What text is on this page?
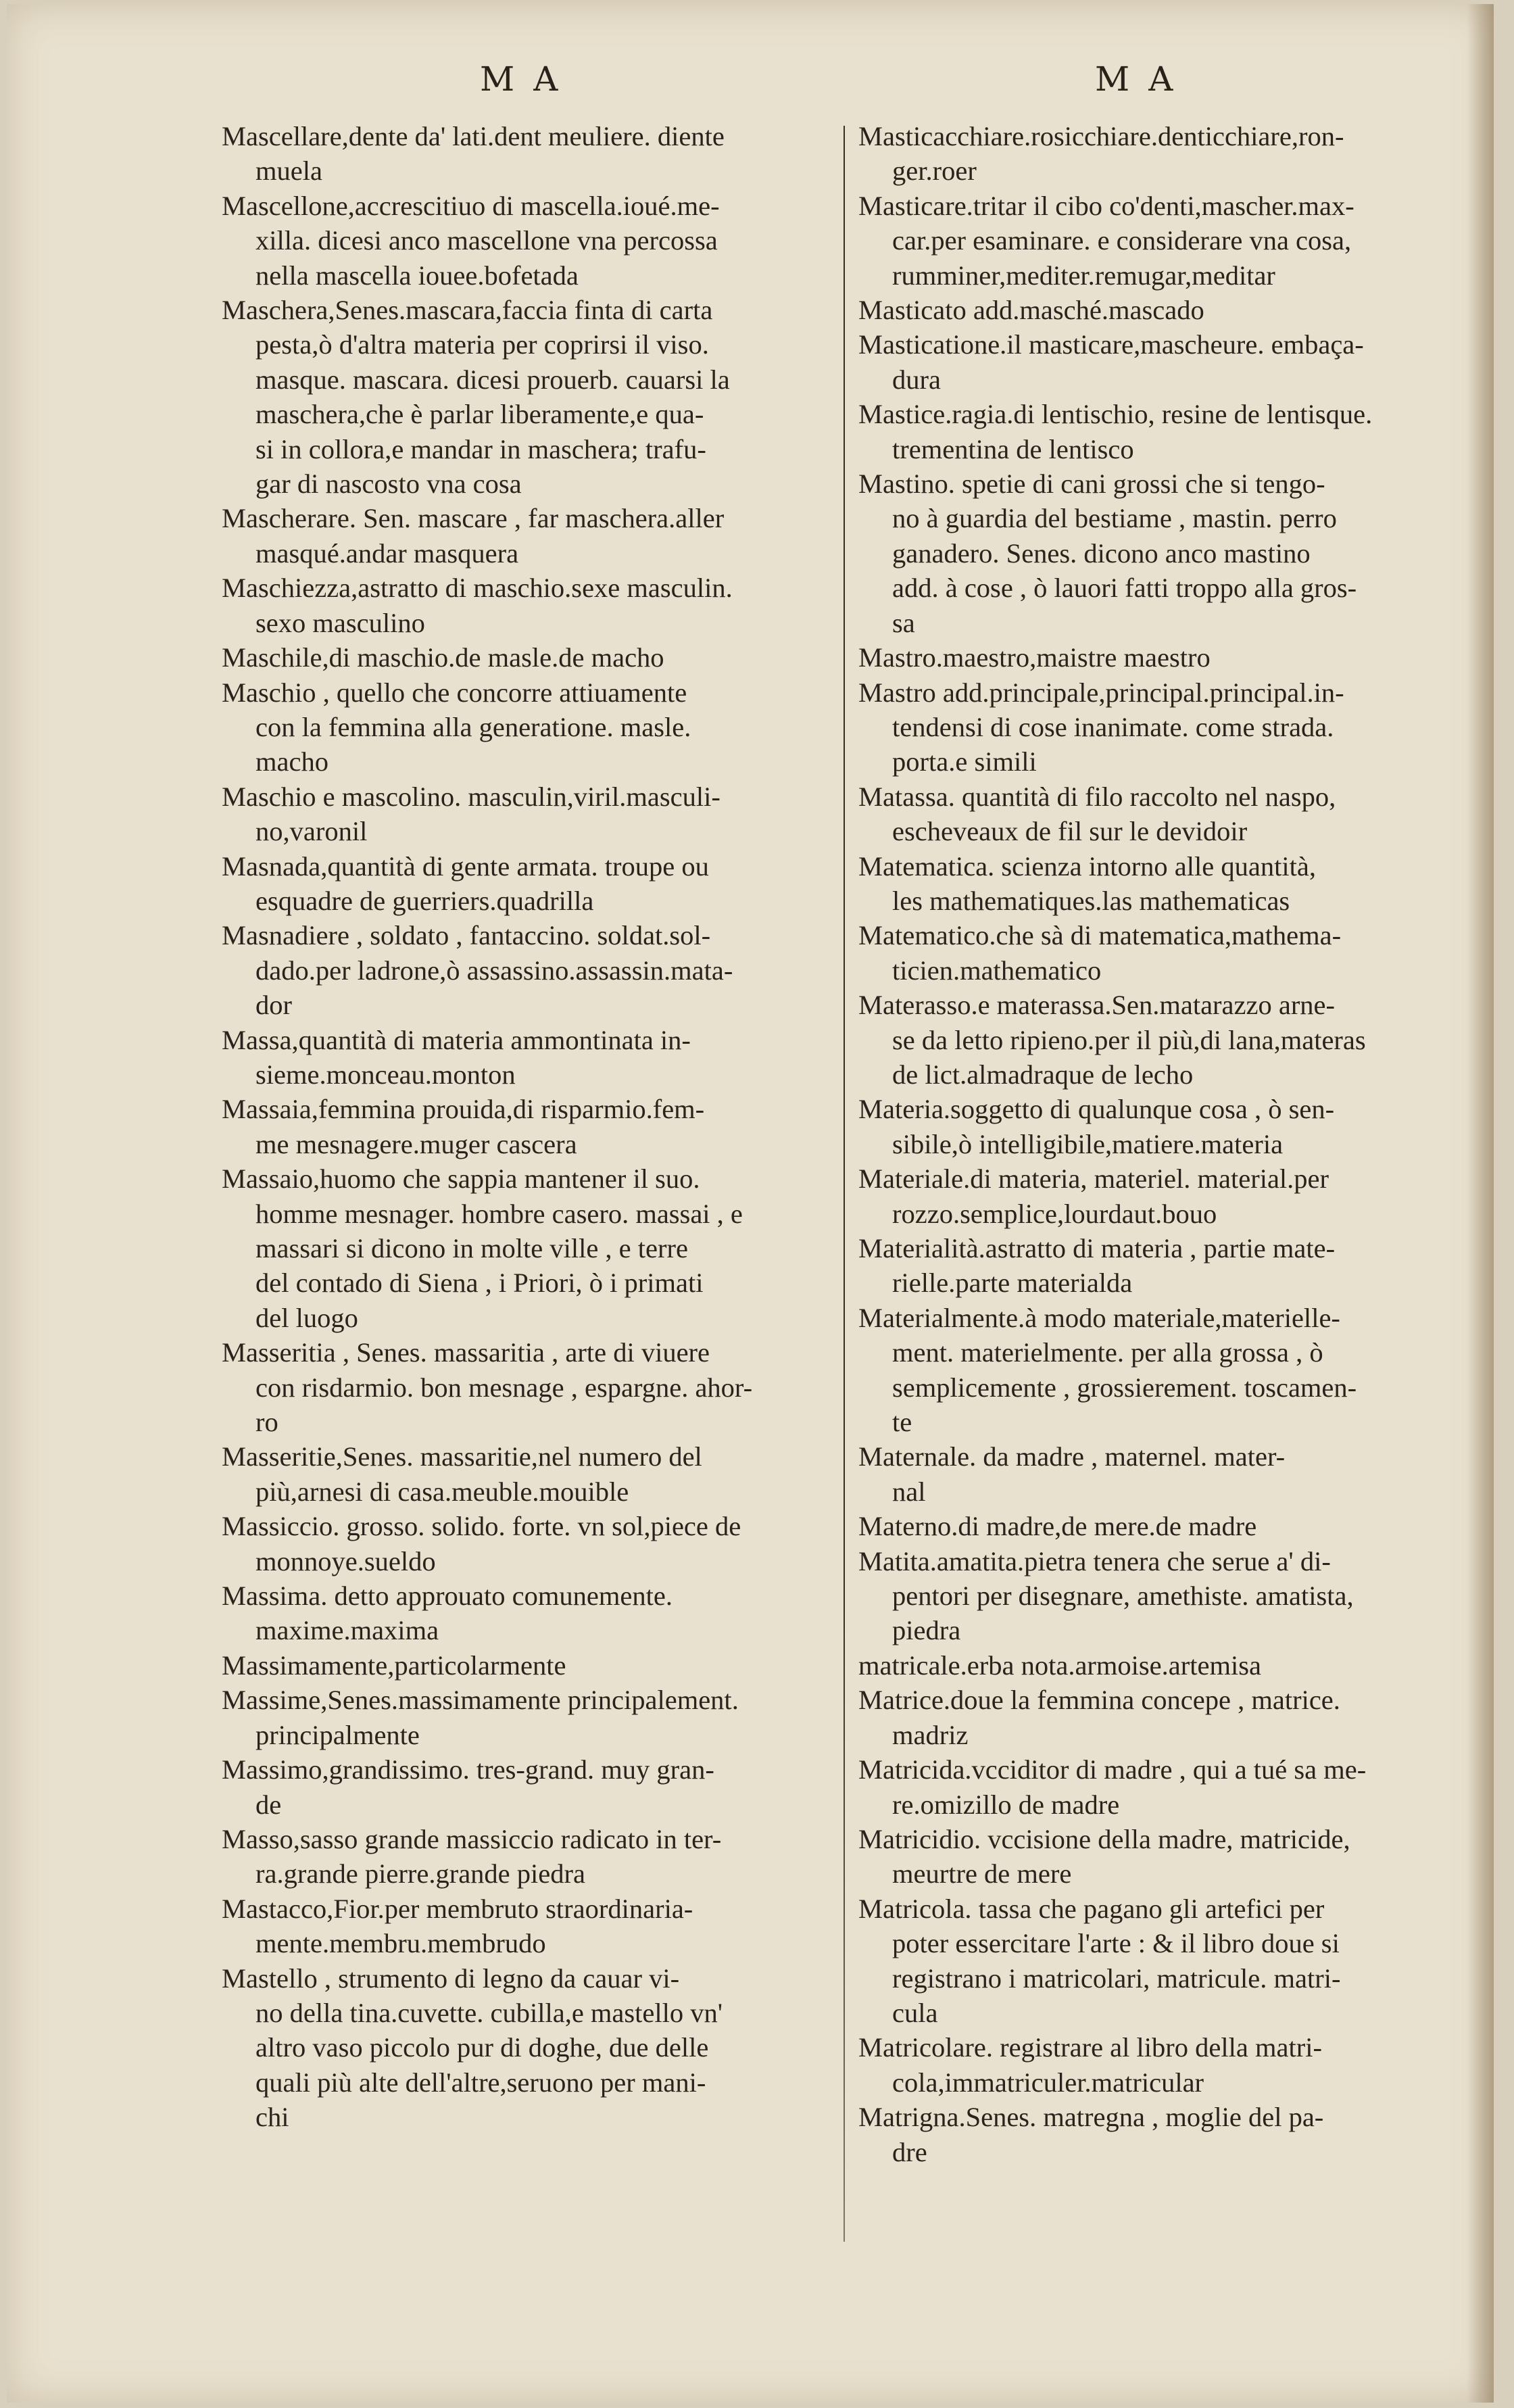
MA	MA

Mascellare,dente da' lati.dent meuliere. diente

muela

Mascellone,accrescitiuo di mascella.ioué.me-

xilla. dicesi anco mascellone vna percossa

nella mascella iouee.bofetada

Maschera,Senes.mascara,faccia finta di carta

pesta,ò d'altra materia per coprirsi il viso.

masque. mascara. dicesi prouerb. cauarsi la

maschera,che è parlar liberamente,e qua-

si in collora,e mandar in maschera; trafu-

gar di nascosto vna cosa

Mascherare. Sen. mascare , far maschera.aller

masqué.andar masquera

Maschiezza,astratto di maschio.sexe masculin.

sexo masculino

Maschile,di maschio.de masle.de macho

Maschio , quello che concorre attiuamente

con la femmina alla generatione. masle.

macho

Maschio e mascolino. masculin,viril.masculi-

no,varonil

Masnada,quantità di gente armata. troupe ou

esquadre de guerriers.quadrilla

Masnadiere , soldato , fantaccino. soldat.sol-

dado.per ladrone,ò assassino.assassin.mata-

dor

Massa,quantità di materia ammontinata in-

sieme.monceau.monton

Massaia,femmina prouida,di risparmio.fem-

me mesnagere.muger cascera

Massaio,huomo che sappia mantener il suo.

homme mesnager. hombre casero. massai , e

massari si dicono in molte ville , e terre

del contado di Siena , i Priori, ò i primati

del luogo

Masseritia , Senes. massaritia , arte di viuere

con risdarmio. bon mesnage , espargne. ahor-

ro

Masseritie,Senes. massaritie,nel numero del

più,arnesi di casa.meuble.mouible

Massiccio. grosso. solido. forte. vn sol,piece de

monnoye.sueldo

Massima. detto approuato comunemente.

maxime.maxima

Massimamente,particolarmente

Massime,Senes.massimamente principalement.

principalmente

Massimo,grandissimo. tres-grand. muy gran-

de

Masso,sasso grande massiccio radicato in ter-

ra.grande pierre.grande piedra

Mastacco,Fior.per membruto straordinaria-

mente.membru.membrudo

Mastello , strumento di legno da cauar vi-

no della tina.cuvette. cubilla,e mastello vn'

altro vaso piccolo pur di doghe, due delle

quali più alte dell'altre,seruono per mani-

chi

Masticacchiare.rosicchiare.denticchiare,ron-

ger.roer

Masticare.tritar il cibo co'denti,mascher.max-

car.per esaminare. e considerare vna cosa,

rumminer,mediter.remugar,meditar

Masticato add.masché.mascado

Masticatione.il masticare,mascheure. embaça-

dura

Mastice.ragia.di lentischio, resine de lentisque.

trementina de lentisco

Mastino. spetie di cani grossi che si tengo-

no à guardia del bestiame , mastin. perro

ganadero. Senes. dicono anco mastino

add. à cose , ò lauori fatti troppo alla gros-

sa

Mastro.maestro,maistre maestro

Mastro add.principale,principal.principal.in-

tendensi di cose inanimate. come strada.

porta.e simili

Matassa. quantità di filo raccolto nel naspo,

escheveaux de fil sur le devidoir

Matematica. scienza intorno alle quantità,

les mathematiques.las mathematicas

Matematico.che sà di matematica,mathema-

ticien.mathematico

Materasso.e materassa.Sen.matarazzo arne-

se da letto ripieno.per il più,di lana,materas

de lict.almadraque de lecho

Materia.soggetto di qualunque cosa , ò sen-

sibile,ò intelligibile,matiere.materia

Materiale.di materia, materiel. material.per

rozzo.semplice,lourdaut.bouo

Materialità.astratto di materia , partie mate-

rielle.parte materialda

Materialmente.à modo materiale,materielle-

ment. materielmente. per alla grossa , ò

semplicemente , grossierement. toscamen-

te

Maternale. da madre , maternel. mater-

nal

Materno.di madre,de mere.de madre

Matita.amatita.pietra tenera che serue a' di-

pentori per disegnare, amethiste. amatista,

piedra

matricale.erba nota.armoise.artemisa

Matrice.doue la femmina concepe , matrice.

madriz

Matricida.vcciditor di madre , qui a tué sa me-

re.omizillo de madre

Matricidio. vccisione della madre, matricide,

meurtre de mere

Matricola. tassa che pagano gli artefici per

poter essercitare l'arte : & il libro doue si

registrano i matricolari, matricule. matri-

cula

Matricolare. registrare al libro della matri-

cola,immatriculer.matricular

Matrigna.Senes. matregna , moglie del pa-

dre
